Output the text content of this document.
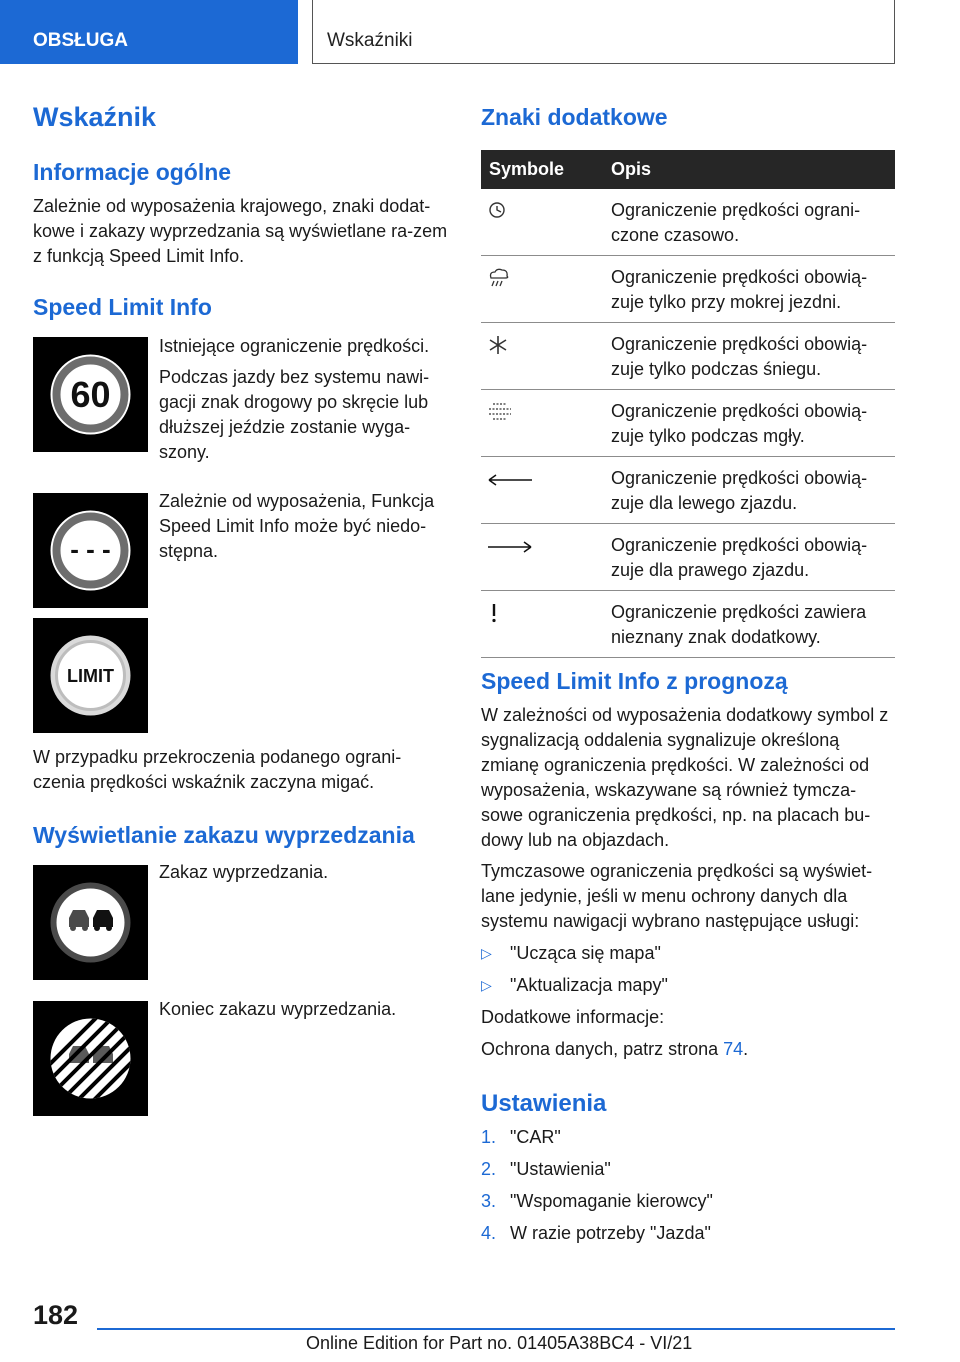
OBSŁUGA	Wskaźniki
Wskaźnik
Informacje ogólne

Zależnie od wyposażenia krajowego, znaki dodat-kowe i zakazy wyprzedzania są wyświetlane ra-zem z funkcją Speed Limit Info.

Speed Limit Info
60

Istniejące ograniczenie prędkości.

Podczas jazdy bez systemu nawi-gacji znak drogowy po skręcie lub dłuższej jeździe zostanie wyga-szony.

- - -

Zależnie od wyposażenia, Funkcja Speed Limit Info może być niedo-stępna.

LIMIT

W przypadku przekroczenia podanego ograni-czenia prędkości wskaźnik zaczyna migać.

Wyświetlanie zakazu wyprzedzania

Zakaz wyprzedzania.

Koniec zakazu wyprzedzania.

Znaki dodatkowe
Symbole	Opis
	Ograniczenie prędkości ograni-czone czasowo.
	Ograniczenie prędkości obowią-zuje tylko przy mokrej jezdni.
	Ograniczenie prędkości obowią-zuje tylko podczas śniegu.
	Ograniczenie prędkości obowią-zuje tylko podczas mgły.
	Ograniczenie prędkości obowią-zuje dla lewego zjazdu.
	Ograniczenie prędkości obowią-zuje dla prawego zjazdu.
	Ograniczenie prędkości zawiera nieznany znak dodatkowy.
Speed Limit Info z prognozą

W zależności od wyposażenia dodatkowy symbol z sygnalizacją oddalenia sygnalizuje określoną zmianę ograniczenia prędkości. W zależności od wyposażenia, wskazywane są również tymcza-sowe ograniczenia prędkości, np. na placach bu-dowy lub na objazdach.

Tymczasowe ograniczenia prędkości są wyświet-lane jedynie, jeśli w menu ochrony danych dla systemu nawigacji wybrano następujące usługi:

▷ "Ucząca się mapa"
▷ "Aktualizacja mapy"

Dodatkowe informacje:

Ochrona danych, patrz strona 74.

Ustawienia
1. "CAR"
2. "Ustawienia"
3. "Wspomaganie kierowcy"
4. W razie potrzeby "Jazda"
182
Online Edition for Part no. 01405A38BC4 - VI/21
